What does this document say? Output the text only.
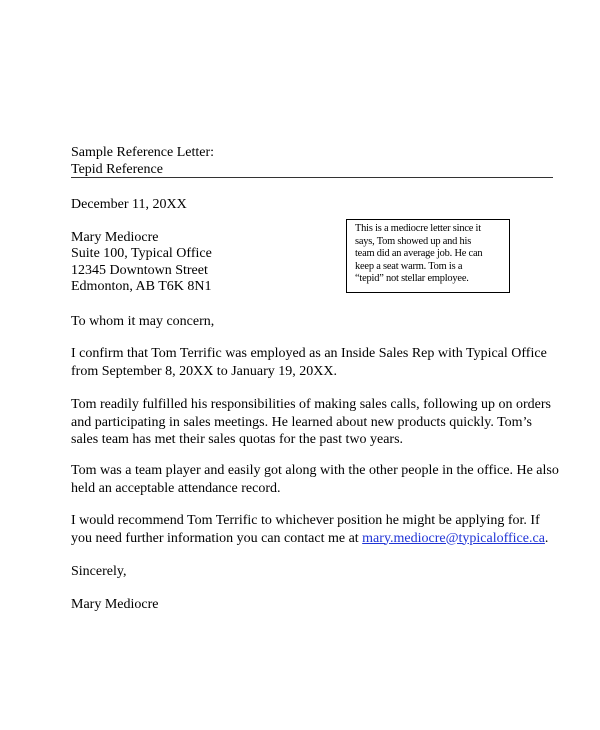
Sample Reference Letter:
Tepid Reference
December 11, 20XX
Mary Mediocre
Suite 100, Typical Office
12345 Downtown Street
Edmonton, AB T6K 8N1
This is a mediocre letter since it
says, Tom showed up and his
team did an average job. He can
keep a seat warm. Tom is a
“tepid” not stellar employee.
To whom it may concern,
I confirm that Tom Terrific was employed as an Inside Sales Rep with Typical Office from September 8, 20XX to January 19, 20XX.
Tom readily fulfilled his responsibilities of making sales calls, following up on orders and participating in sales meetings. He learned about new products quickly. Tom’s sales team has met their sales quotas for the past two years.
Tom was a team player and easily got along with the other people in the office. He also held an acceptable attendance record.
I would recommend Tom Terrific to whichever position he might be applying for. If you need further information you can contact me at mary.mediocre@typicaloffice.ca.
Sincerely,
Mary Mediocre
